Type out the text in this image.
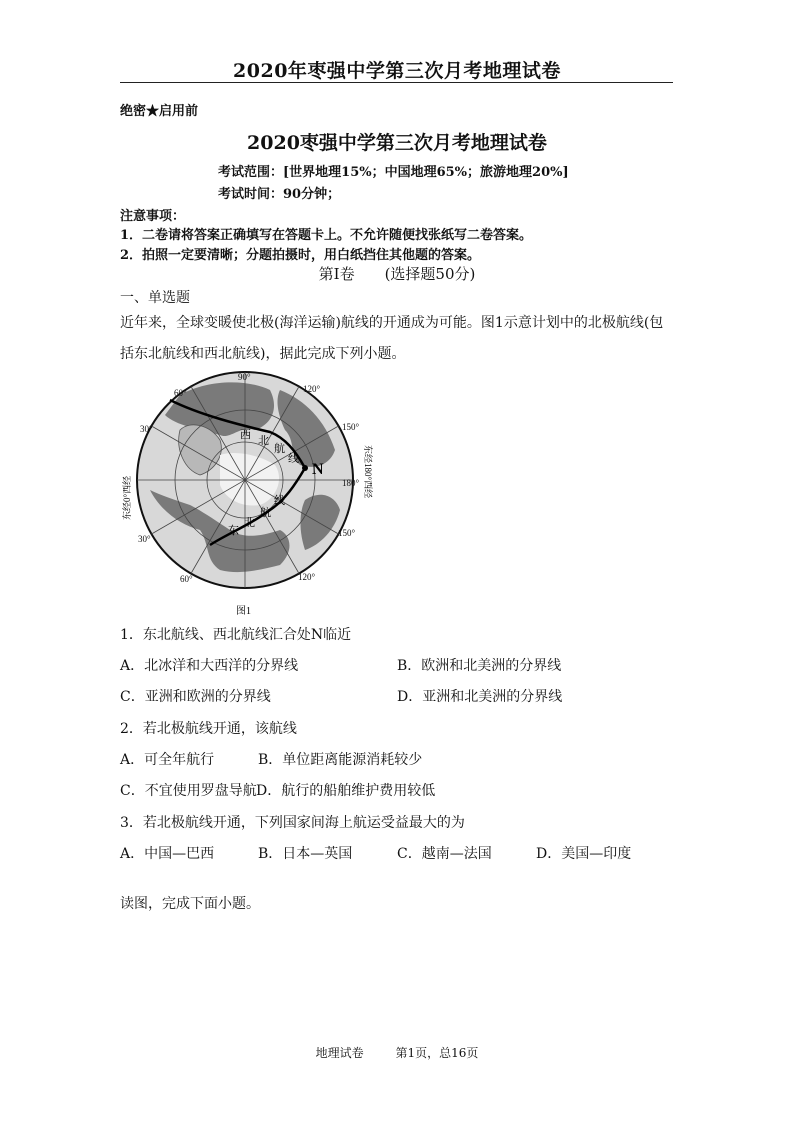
2020年枣强中学第三次月考地理试卷
绝密★启用前
2020枣强中学第三次月考地理试卷
考试范围：[世界地理15%；中国地理65%；旅游地理20%]
考试时间：90分钟；
注意事项：
1．二卷请将答案正确填写在答题卡上。不允许随便找张纸写二卷答案。
2．拍照一定要清晰；分题拍摄时，用白纸挡住其他题的答案。
第Ⅰ卷　　(选择题50分)
一、单选题
近年来，全球变暖使北极(海洋运输)航线的开通成为可能。图1示意计划中的北极航线(包
括东北航线和西北航线)，据此完成下列小题。
N
西 北
航
线
东
北
航
线
90°
60°	120°
30°	150°
180°
30°
150°
60°	120°
东经0°西经	东经180°西经
图1
1．东北航线、西北航线汇合处N临近
A．北冰洋和大西洋的分界线	B．欧洲和北美洲的分界线
C．亚洲和欧洲的分界线	D．亚洲和北美洲的分界线
2．若北极航线开通，该航线
A．可全年航行	B．单位距离能源消耗较少
C．不宜使用罗盘导航 D．航行的船舶维护费用较低
3．若北极航线开通，下列国家间海上航运受益最大的为
A．中国—巴西	B．日本—英国	C．越南—法国	D．美国—印度
读图，完成下面小题。
地理试卷	第1页，总16页
